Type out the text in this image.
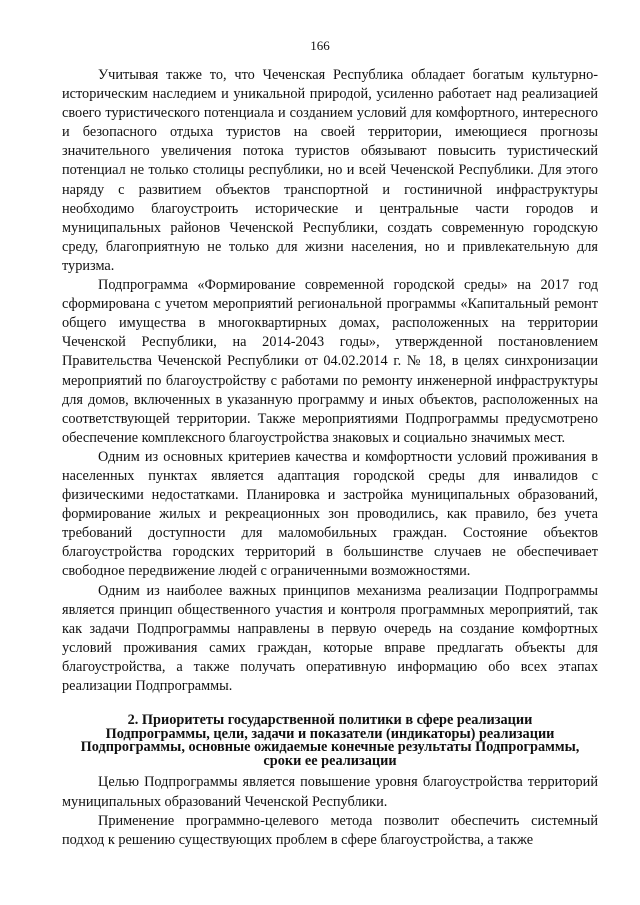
166

Учитывая также то, что Чеченская Республика обладает богатым культурно-историческим наследием и уникальной природой, усиленно работает над реализацией своего туристического потенциала и созданием условий для комфортного, интересного и безопасного отдыха туристов на своей территории, имеющиеся прогнозы значительного увеличения потока туристов обязывают повысить туристический потенциал не только столицы республики, но и всей Чеченской Республики. Для этого наряду с развитием объектов транспортной и гостиничной инфраструктуры необходимо благоустроить исторические и центральные части городов и муниципальных районов Чеченской Республики, создать современную городскую среду, благоприятную не только для жизни населения, но и привлекательную для туризма.

Подпрограмма «Формирование современной городской среды» на 2017 год сформирована с учетом мероприятий региональной программы «Капитальный ремонт общего имущества в многоквартирных домах, расположенных на территории Чеченской Республики, на 2014-2043 годы», утвержденной постановлением Правительства Чеченской Республики от 04.02.2014 г. № 18, в целях синхронизации мероприятий по благоустройству с работами по ремонту инженерной инфраструктуры для домов, включенных в указанную программу и иных объектов, расположенных на соответствующей территории. Также мероприятиями Подпрограммы предусмотрено обеспечение комплексного благоустройства знаковых и социально значимых мест.

Одним из основных критериев качества и комфортности условий проживания в населенных пунктах является адаптация городской среды для инвалидов с физическими недостатками. Планировка и застройка муниципальных образований, формирование жилых и рекреационных зон проводились, как правило, без учета требований доступности для маломобильных граждан. Состояние объектов благоустройства городских территорий в большинстве случаев не обеспечивает свободное передвижение людей с ограниченными возможностями.

Одним из наиболее важных принципов механизма реализации Подпрограммы является принцип общественного участия и контроля программных мероприятий, так как задачи Подпрограммы направлены в первую очередь на создание комфортных условий проживания самих граждан, которые вправе предлагать объекты для благоустройства, а также получать оперативную информацию обо всех этапах реализации Подпрограммы.

2. Приоритеты государственной политики в сфере реализации
Подпрограммы, цели, задачи и показатели (индикаторы) реализации
Подпрограммы, основные ожидаемые конечные результаты Подпрограммы,
сроки ее реализации

Целью Подпрограммы является повышение уровня благоустройства территорий муниципальных образований Чеченской Республики.

Применение программно-целевого метода позволит обеспечить системный подход к решению существующих проблем в сфере благоустройства, а также
